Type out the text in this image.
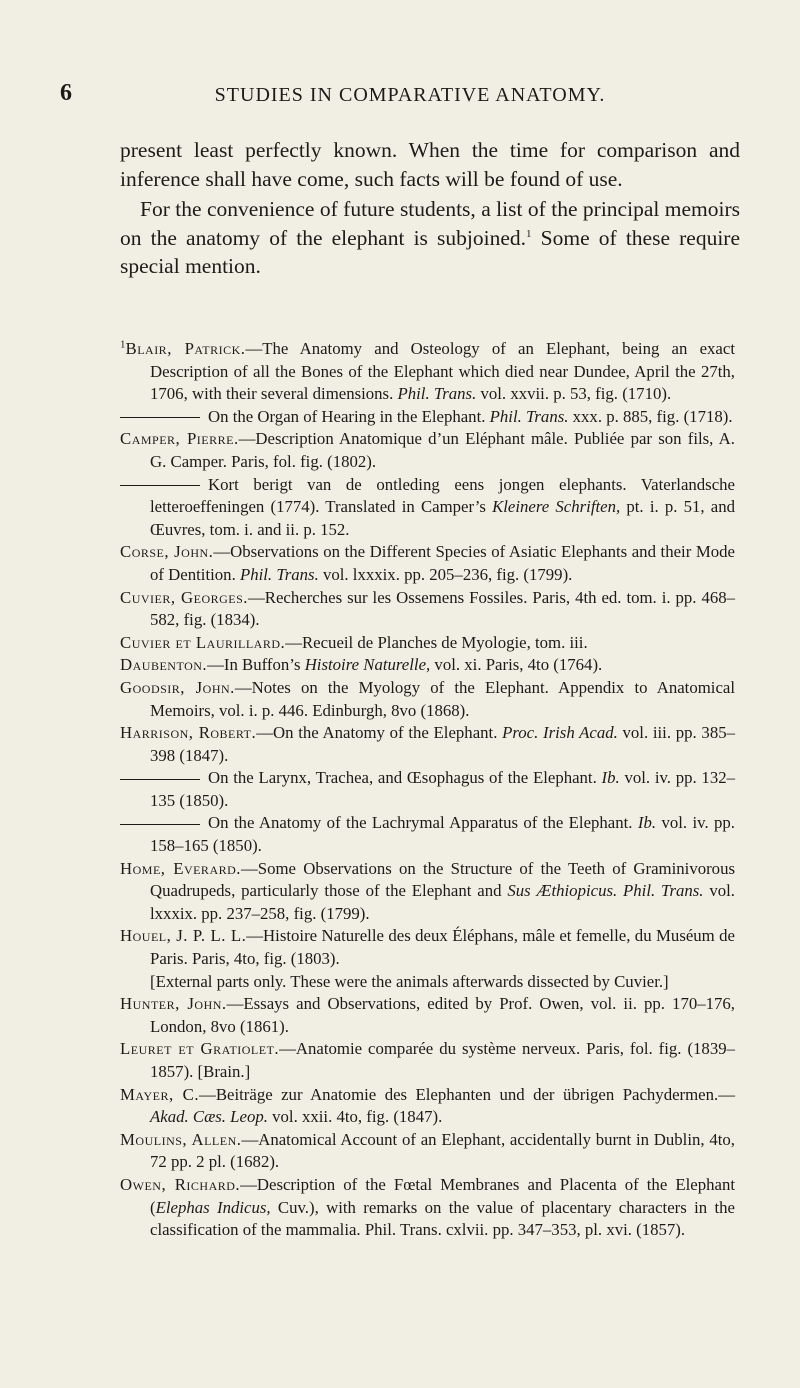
6	STUDIES IN COMPARATIVE ANATOMY.

present least perfectly known. When the time for comparison and inference shall have come, such facts will be found of use.

For the convenience of future students, a list of the principal memoirs on the anatomy of the elephant is subjoined.$^1$ Some of these require special mention.

$^1$Blair, Patrick.—The Anatomy and Osteology of an Elephant, being an exact Description of all the Bones of the Elephant which died near Dundee, April the 27th, 1706, with their several dimensions. Phil. Trans. vol. xxvii. p. 53, fig. (1710).

On the Organ of Hearing in the Elephant. Phil. Trans. xxx. p. 885, fig. (1718).

Camper, Pierre.—Description Anatomique d’un Eléphant mâle. Publiée par son fils, A. G. Camper. Paris, fol. fig. (1802).

Kort berigt van de ontleding eens jongen elephants. Vaterlandsche letteroeffeningen (1774). Translated in Camper’s Kleinere Schriften, pt. i. p. 51, and Œuvres, tom. i. and ii. p. 152.

Corse, John.—Observations on the Different Species of Asiatic Elephants and their Mode of Dentition. Phil. Trans. vol. lxxxix. pp. 205–236, fig. (1799).

Cuvier, Georges.—Recherches sur les Ossemens Fossiles. Paris, 4th ed. tom. i. pp. 468–582, fig. (1834).

Cuvier et Laurillard.—Recueil de Planches de Myologie, tom. iii.

Daubenton.—In Buffon’s Histoire Naturelle, vol. xi. Paris, 4to (1764).

Goodsir, John.—Notes on the Myology of the Elephant. Appendix to Anatomical Memoirs, vol. i. p. 446. Edinburgh, 8vo (1868).

Harrison, Robert.—On the Anatomy of the Elephant. Proc. Irish Acad. vol. iii. pp. 385–398 (1847).

On the Larynx, Trachea, and Œsophagus of the Elephant. Ib. vol. iv. pp. 132–135 (1850).

On the Anatomy of the Lachrymal Apparatus of the Elephant. Ib. vol. iv. pp. 158–165 (1850).

Home, Everard.—Some Observations on the Structure of the Teeth of Graminivorous Quadrupeds, particularly those of the Elephant and Sus Æthiopicus. Phil. Trans. vol. lxxxix. pp. 237–258, fig. (1799).

Houel, J. P. L. L.—Histoire Naturelle des deux Éléphans, mâle et femelle, du Muséum de Paris. Paris, 4to, fig. (1803).

[External parts only. These were the animals afterwards dissected by Cuvier.]

Hunter, John.—Essays and Observations, edited by Prof. Owen, vol. ii. pp. 170–176, London, 8vo (1861).

Leuret et Gratiolet.—Anatomie comparée du système nerveux. Paris, fol. fig. (1839–1857). [Brain.]

Mayer, C.—Beiträge zur Anatomie des Elephanten und der übrigen Pachydermen.—Akad. Cæs. Leop. vol. xxii. 4to, fig. (1847).

Moulins, Allen.—Anatomical Account of an Elephant, accidentally burnt in Dublin, 4to, 72 pp. 2 pl. (1682).

Owen, Richard.—Description of the Fœtal Membranes and Placenta of the Elephant (Elephas Indicus, Cuv.), with remarks on the value of placentary characters in the classification of the mammalia. Phil. Trans. cxlvii. pp. 347–353, pl. xvi. (1857).
